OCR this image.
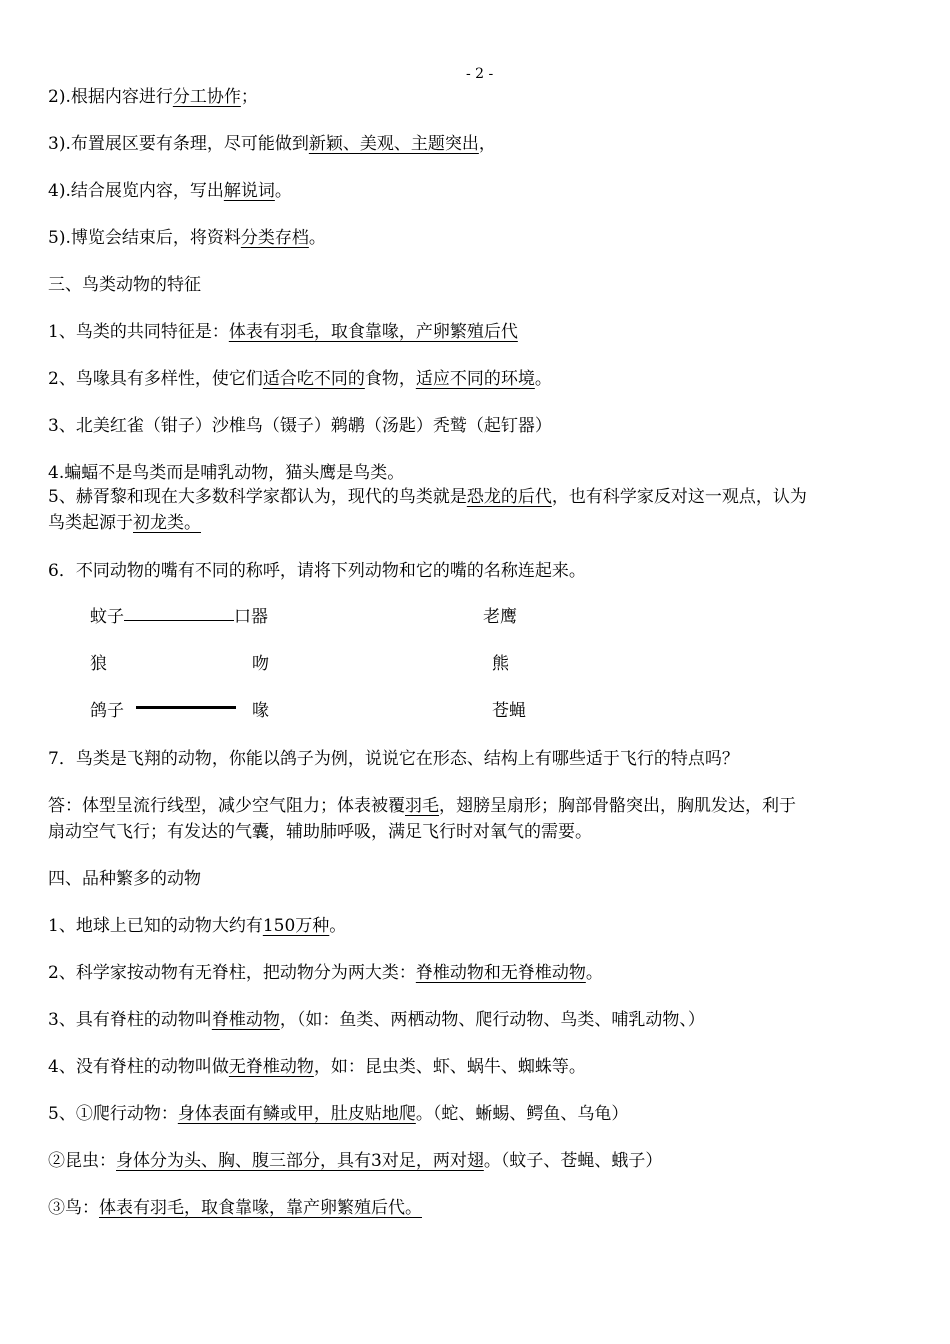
- 2 -
2).根据内容进行分工协作；
3).布置展区要有条理，尽可能做到新颖、美观、主题突出，
4).结合展览内容，写出解说词。
5).博览会结束后，将资料分类存档。
三、鸟类动物的特征
1、鸟类的共同特征是：体表有羽毛，取食靠喙，产卵繁殖后代
2、鸟喙具有多样性，使它们适合吃不同的食物，适应不同的环境。
3、北美红雀（钳子）沙椎鸟（镊子）鹈鹕（汤匙）秃鹫（起钉器）
4.蝙蝠不是鸟类而是哺乳动物，猫头鹰是鸟类。
5、赫胥黎和现在大多数科学家都认为，现代的鸟类就是恐龙的后代，也有科学家反对这一观点，认为
鸟类起源于初龙类。
6．不同动物的嘴有不同的称呼，请将下列动物和它的嘴的名称连起来。
蚊子
狼
鸽子
口器
吻
喙
老鹰
熊
苍蝇
7．鸟类是飞翔的动物，你能以鸽子为例，说说它在形态、结构上有哪些适于飞行的特点吗？
答：体型呈流行线型，减少空气阻力；体表被覆羽毛，翅膀呈扇形；胸部骨骼突出，胸肌发达，利于
扇动空气飞行；有发达的气囊，辅助肺呼吸，满足飞行时对氧气的需要。
四、品种繁多的动物
1、地球上已知的动物大约有150万种。
2、科学家按动物有无脊柱，把动物分为两大类：脊椎动物和无脊椎动物。
3、具有脊柱的动物叫脊椎动物，（如：鱼类、两栖动物、爬行动物、鸟类、哺乳动物、）
4、没有脊柱的动物叫做无脊椎动物，如：昆虫类、虾、蜗牛、蜘蛛等。
5、①爬行动物：身体表面有鳞或甲，肚皮贴地爬。（蛇、蜥蜴、鳄鱼、乌龟）
②昆虫：身体分为头、胸、腹三部分，具有3对足，两对翅。（蚊子、苍蝇、蛾子）
③鸟：体表有羽毛，取食靠喙，靠产卵繁殖后代。
